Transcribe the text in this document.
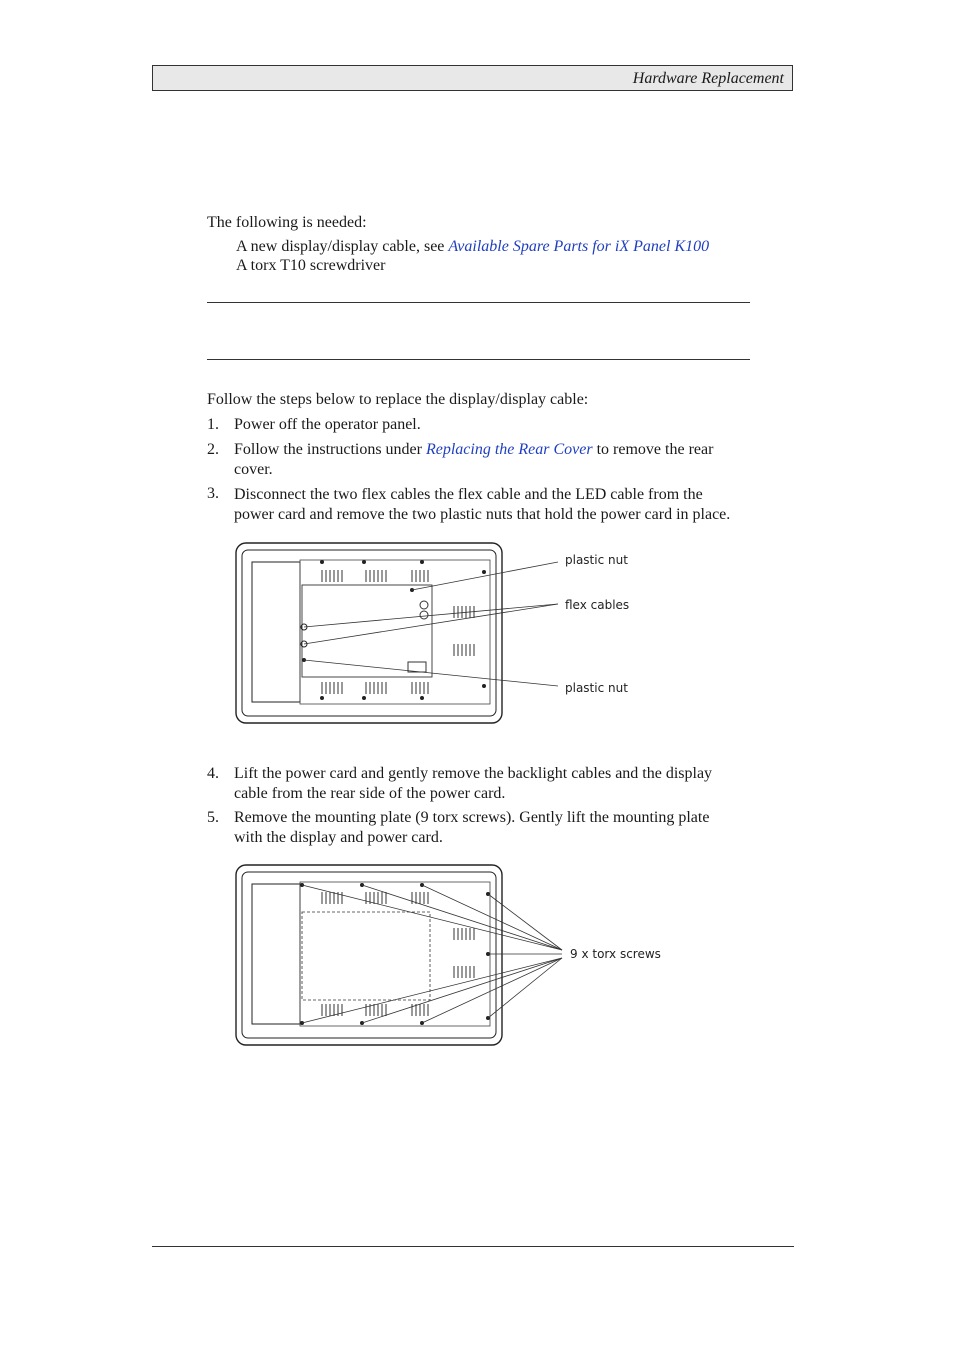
Hardware Replacement
The following is needed:
A new display/display cable, see Available Spare Parts for iX Panel K100
A torx T10 screwdriver
Follow the steps below to replace the display/display cable:
1. Power off the operator panel.
2. Follow the instructions under Replacing the Rear Cover to remove the rear
cover.
3. Disconnect the two flex cables the flex cable and the LED cable from the
power card and remove the two plastic nuts that hold the power card in place.
plastic nut
flex cables
plastic nut
4. Lift the power card and gently remove the backlight cables and the display
cable from the rear side of the power card.
5. Remove the mounting plate (9 torx screws). Gently lift the mounting plate
with the display and power card.
9 x torx screws
